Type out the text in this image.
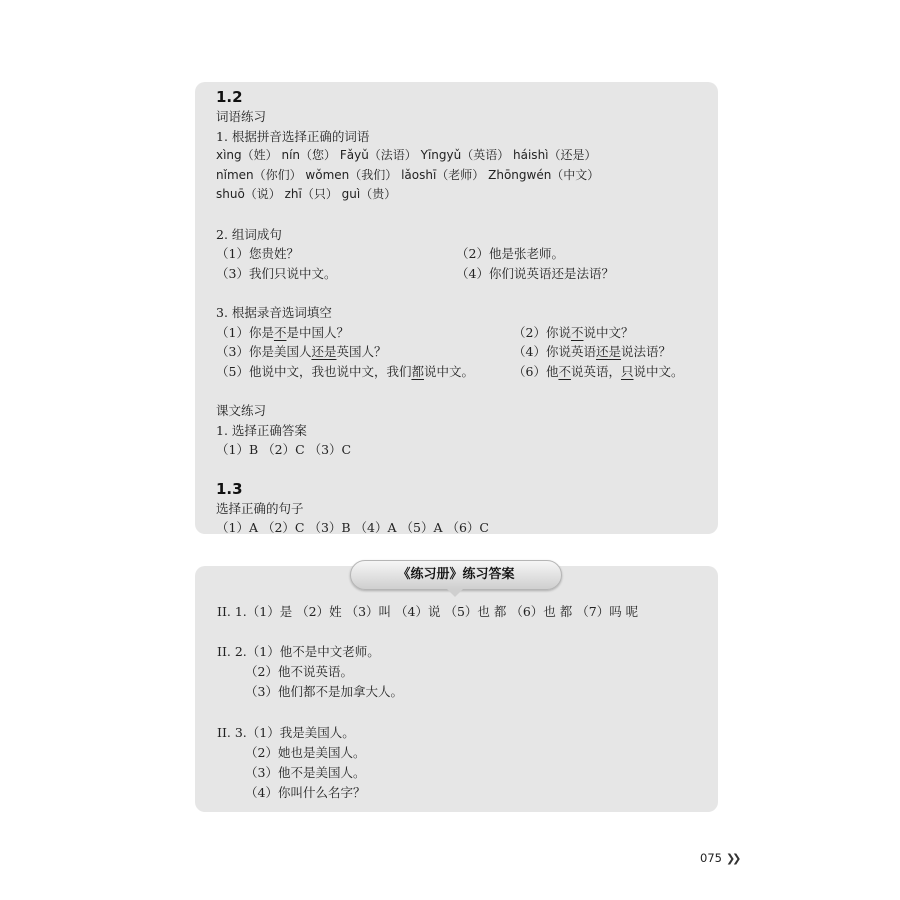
1.2
词语练习
1. 根据拼音选择正确的词语
xìng（姓） nín（您） Fǎyǔ（法语） Yīngyǔ（英语） háishì（还是）
nǐmen（你们） wǒmen（我们） lǎoshī（老师） Zhōngwén（中文）
shuō（说） zhī（只） guì（贵）
2. 组词成句
（1）您贵姓？	（2）他是张老师。
（3）我们只说中文。	（4）你们说英语还是法语？
3. 根据录音选词填空
（1）你是不是中国人？	（2）你说不说中文？
（3）你是美国人还是英国人？	（4）你说英语还是说法语？
（5）他说中文，我也说中文，我们都说中文。	（6）他不说英语，只说中文。
课文练习
1. 选择正确答案
（1）B （2）C （3）C
1.3
选择正确的句子
（1）A （2）C （3）B （4）A （5）A （6）C
II. 1.（1）是 （2）姓 （3）叫 （4）说 （5）也 都 （6）也 都 （7）吗 呢
II. 2.（1）他不是中文老师。
（2）他不说英语。
（3）他们都不是加拿大人。
II. 3.（1）我是美国人。
（2）她也是美国人。
（3）他不是美国人。
（4）你叫什么名字？
《练习册》练习答案
075 ❯❯
